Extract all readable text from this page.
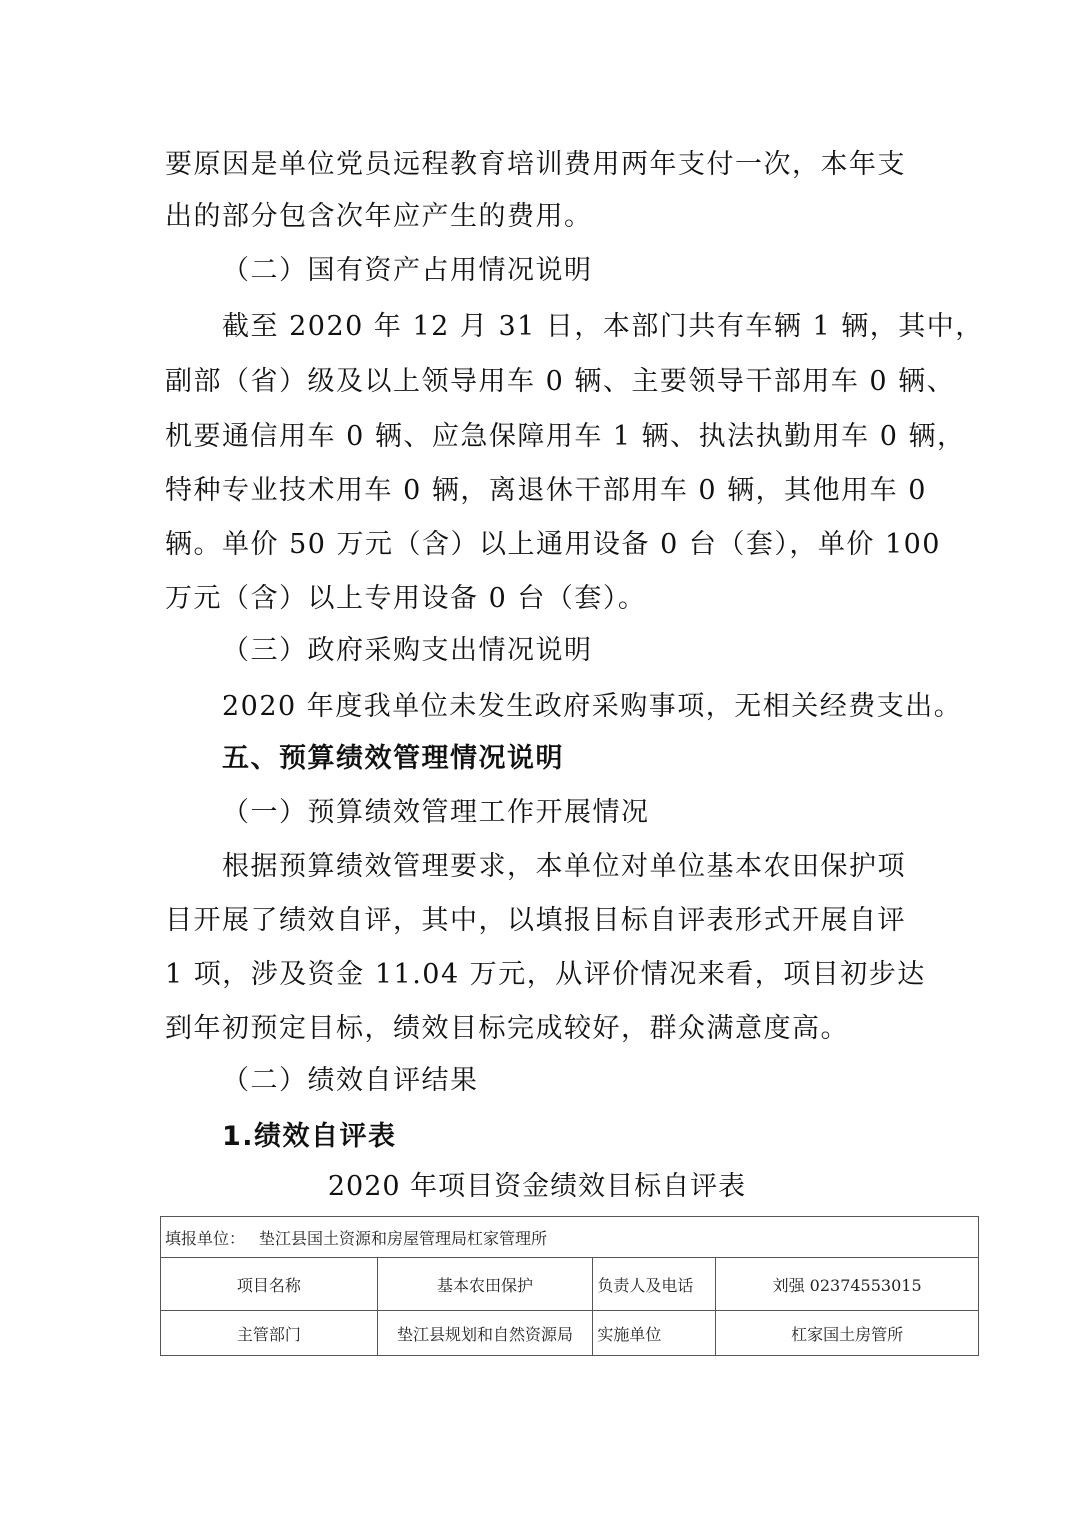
要原因是单位党员远程教育培训费用两年支付一次，本年支
出的部分包含次年应产生的费用。
（二）国有资产占用情况说明
截至 2020 年 12 月 31 日，本部门共有车辆 1 辆，其中，
副部（省）级及以上领导用车 0 辆、主要领导干部用车 0 辆、
机要通信用车 0 辆、应急保障用车 1 辆、执法执勤用车 0 辆，
特种专业技术用车 0 辆，离退休干部用车 0 辆，其他用车 0
辆。单价 50 万元（含）以上通用设备 0 台（套），单价 100
万元（含）以上专用设备 0 台（套）。
（三）政府采购支出情况说明
2020 年度我单位未发生政府采购事项，无相关经费支出。
五、预算绩效管理情况说明
（一）预算绩效管理工作开展情况
根据预算绩效管理要求，本单位对单位基本农田保护项
目开展了绩效自评，其中，以填报目标自评表形式开展自评
1 项，涉及资金 11.04 万元，从评价情况来看，项目初步达
到年初预定目标，绩效目标完成较好，群众满意度高。
（二）绩效自评结果
1.绩效自评表
2020 年项目资金绩效目标自评表
填报单位： 垫江县国土资源和房屋管理局杠家管理所			
项目名称	基本农田保护	负责人及电话	刘强 02374553015
主管部门	垫江县规划和自然资源局	实施单位	杠家国土房管所
